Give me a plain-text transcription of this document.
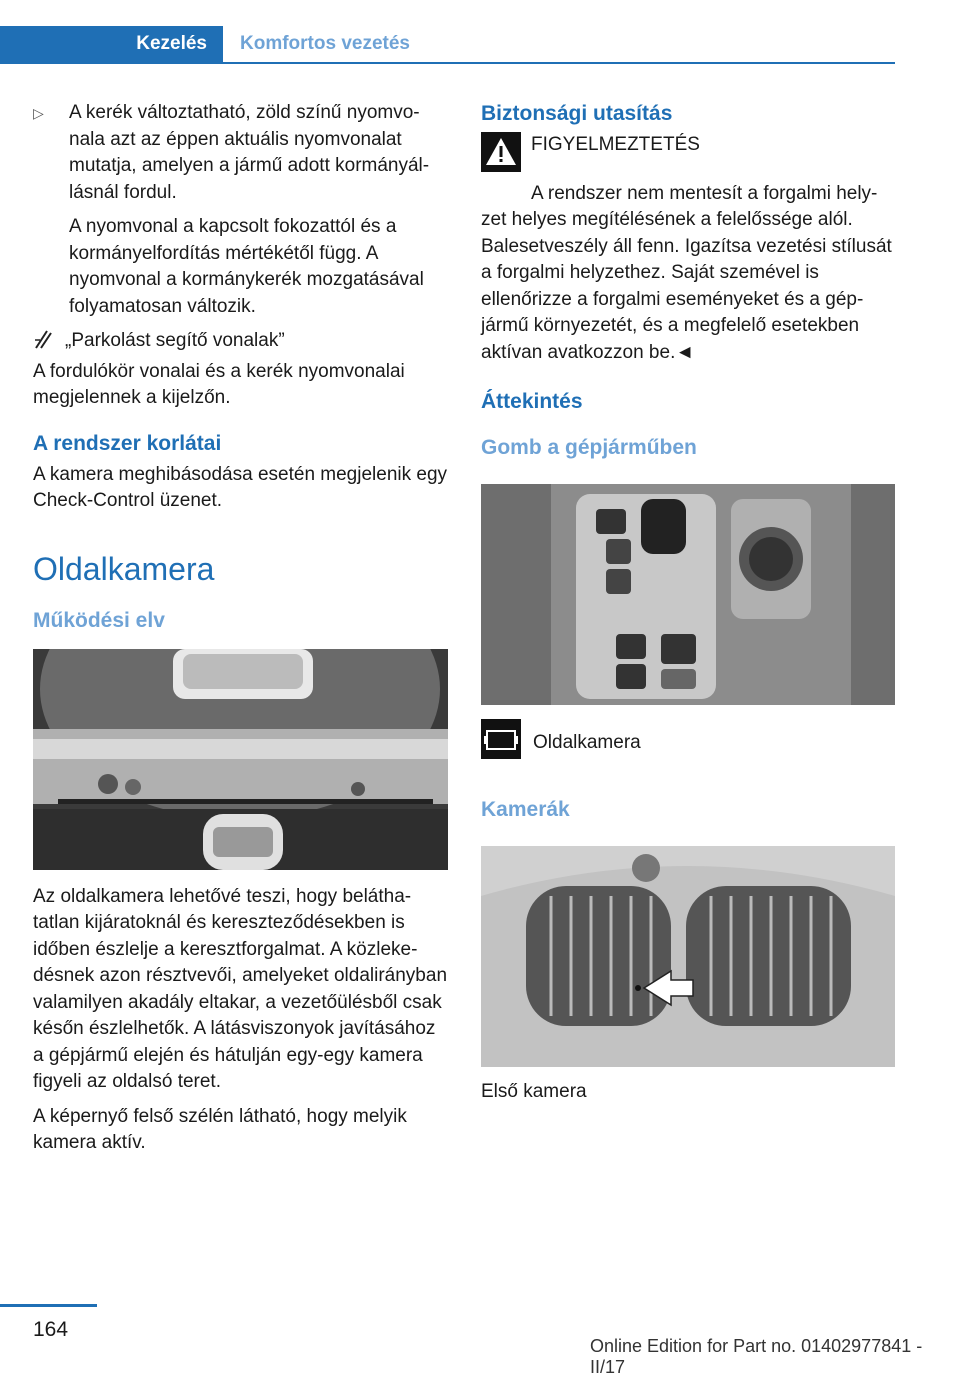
Kezelés	Komfortos vezetés

▷ A kerék változtatható, zöld színű nyomvonala azt az éppen aktuális nyomvonalat mutatja, amelyen a jármű adott kormányállásnál fordul.

A nyomvonal a kapcsolt fokozattól és a kormányelfordítás mértékétől függ. A nyomvonal a kormánykerék mozgatásával folyamatosan változik.

„Parkolást segítő vonalak”

A fordulókör vonalai és a kerék nyomvonalai megjelennek a kijelzőn.

A rendszer korlátai

A kamera meghibásodása esetén megjelenik egy Check-Control üzenet.

Oldalkamera
Működési elv

Az oldalkamera lehetővé teszi, hogy beláthatatlan kijáratoknál és kereszteződésekben is időben észlelje a keresztforgalmat. A közlekedésnek azon résztvevői, amelyeket oldalirányban valamilyen akadály eltakar, a vezetőülésből csak későn észlelhetők. A látásviszonyok javításához a gépjármű elején és hátulján egy-egy kamera figyeli az oldalsó teret.

A képernyő felső szélén látható, hogy melyik kamera aktív.

Biztonsági utasítás
FIGYELMEZTETÉS

A rendszer nem mentesít a forgalmi helyzet helyes megítélésének a felelőssége alól. Balesetveszély áll fenn. Igazítsa vezetési stílusát a forgalmi helyzethez. Saját szemével is ellenőrizze a forgalmi eseményeket és a gépjármű környezetét, és a megfelelő esetekben aktívan avatkozzon be.◄

Áttekintés
Gomb a gépjárműben
Oldalkamera
Kamerák

Első kamera

164
Online Edition for Part no. 01402977841 - II/17
